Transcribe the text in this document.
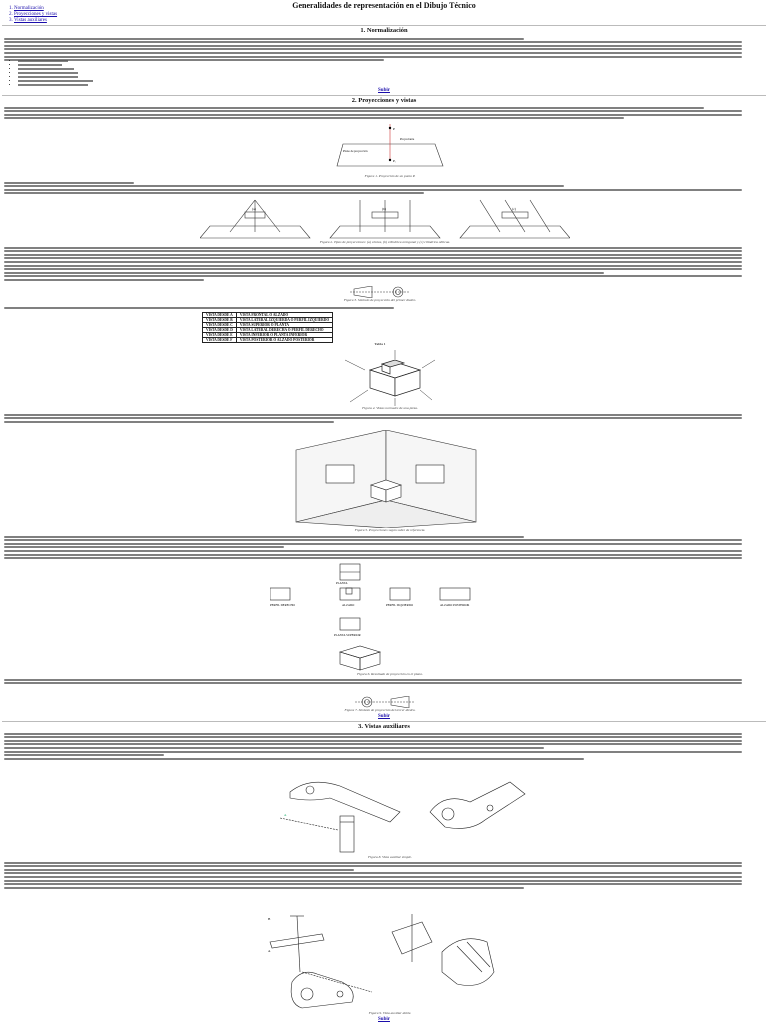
Generalidades de representación en el Dibujo Técnico
1. Normalización
2. Proyecciones y vistas
3. Vistas auxiliares
1. Normalización
•
•
•
•
•
•
•
Subir
2. Proyecciones y vistas
P
P₁
Proyectante
Plano de proyección
Figura 1. Proyección de un punto P.
(a)	(b)	(c)
Figura 2. Tipos de proyecciones: (a) cónica, (b) cilíndrica ortogonal y (c) cilíndrica oblicua.
Figura 3. Símbolo de proyección del primer diedro.
VISTA DESDE A	VISTA FRONTAL O ALZADO
VISTA DESDE B	VISTA LATERAL IZQUIERDA O PERFIL IZQUIERDO
VISTA DESDE C	VISTA SUPERIOR O PLANTA
VISTA DESDE D	VISTA LATERAL DERECHA O PERFIL DERECHO
VISTA DESDE E	VISTA INFERIOR O PLANTA INFERIOR
VISTA DESDE F	VISTA POSTERIOR O ALZADO POSTERIOR
Tabla 1
Figura 4. Vistas normales de una pieza.
Figura 5. Proyecciones según sobre de referencia.
PLANTA
PERFIL DERECHO	ALZADO	PERFIL IZQUIERDO	ALZADO POSTERIOR
PLANTA SUPERIOR
Figura 6. Resultado de proyección en el plano.
Figura 7. Símbolo de proyección del tercer diedro.
Subir
3. Vistas auxiliares
A
Figura 8. Vista auxiliar simple.
B
A
Figura 9. Vista auxiliar doble.
Subir
